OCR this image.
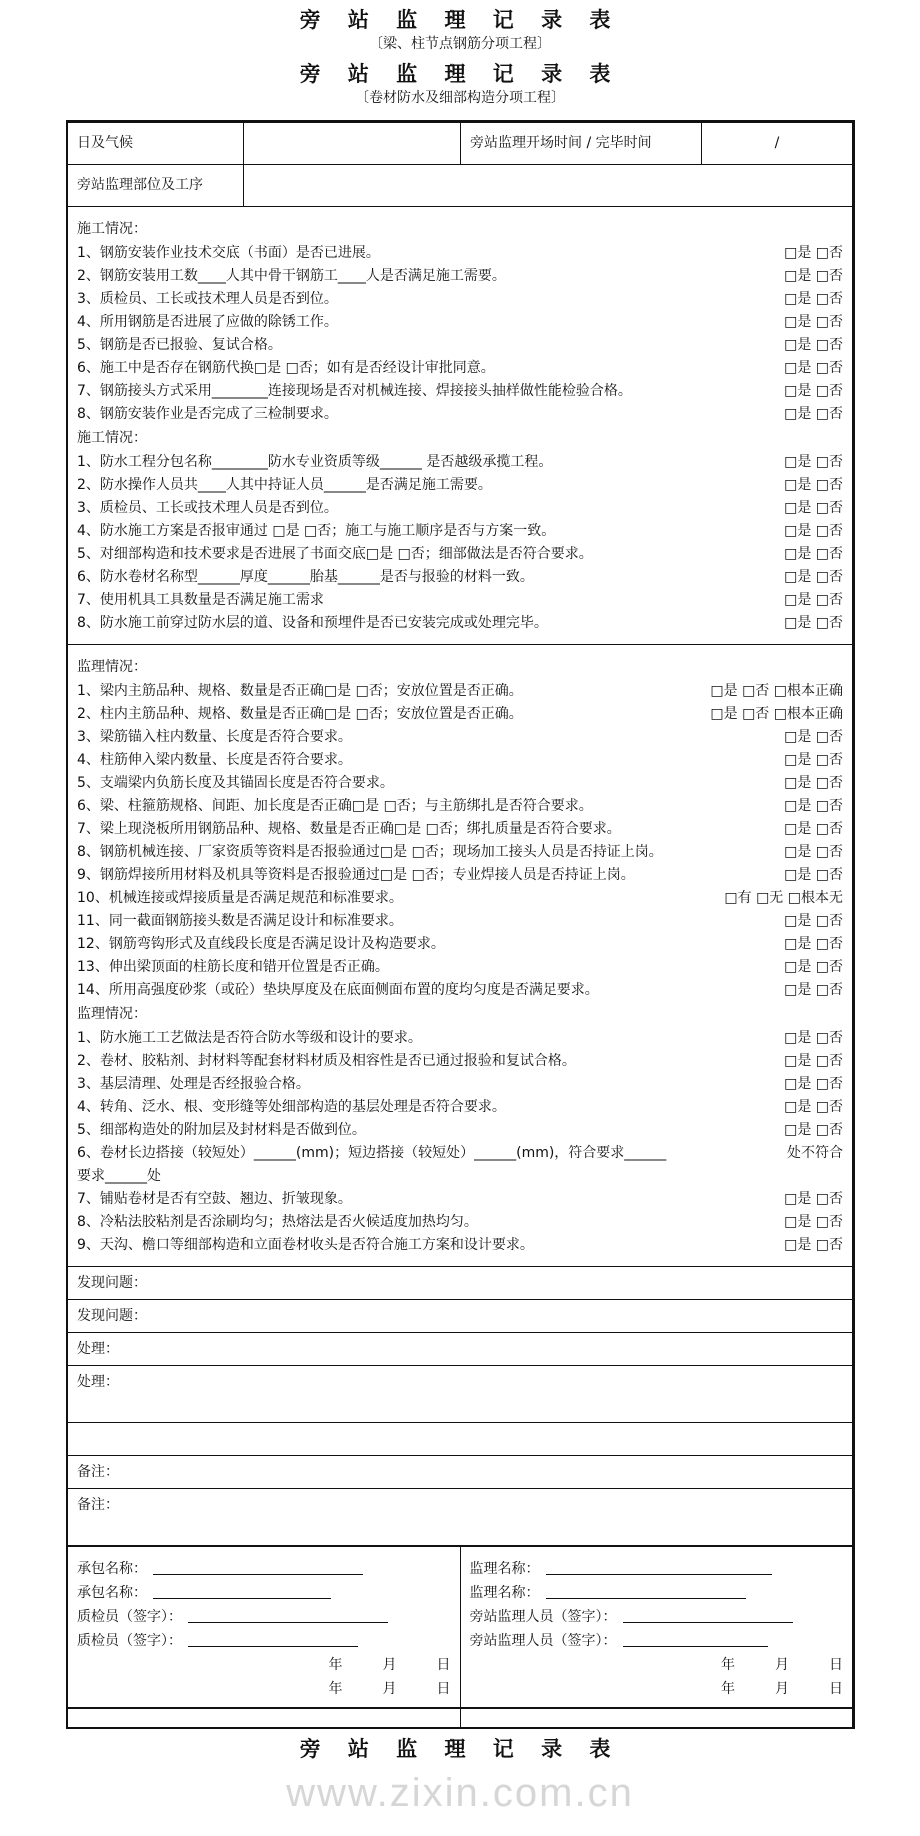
旁 站 监 理 记 录 表
〔梁、柱节点钢筋分项工程〕
旁 站 监 理 记 录 表
〔卷材防水及细部构造分项工程〕
日及气候	旁站监理开场时间 / 完毕时间	/
旁站监理部位及工序
施工情况：
1、钢筋安装作业技术交底（书面）是否已进展。	□是 □否
2、钢筋安装用工数____人其中骨干钢筋工____人是否满足施工需要。	□是 □否
3、质检员、工长或技术理人员是否到位。	□是 □否
4、所用钢筋是否进展了应做的除锈工作。	□是 □否
5、钢筋是否已报验、复试合格。	□是 □否
6、施工中是否存在钢筋代换□是 □否；如有是否经设计审批同意。	□是 □否
7、钢筋接头方式采用________连接现场是否对机械连接、焊接接头抽样做性能检验合格。	□是 □否
8、钢筋安装作业是否完成了三检制要求。	□是 □否
施工情况：
1、防水工程分包名称________防水专业资质等级______ 是否越级承揽工程。	□是 □否
2、防水操作人员共____人其中持证人员______是否满足施工需要。	□是 □否
3、质检员、工长或技术理人员是否到位。	□是 □否
4、防水施工方案是否报审通过 □是 □否；施工与施工顺序是否与方案一致。	□是 □否
5、对细部构造和技术要求是否进展了书面交底□是 □否；细部做法是否符合要求。	□是 □否
6、防水卷材名称型______厚度______胎基______是否与报验的材料一致。	□是 □否
7、使用机具工具数量是否满足施工需求	□是 □否
8、防水施工前穿过防水层的道、设备和预埋件是否已安装完成或处理完毕。	□是 □否
监理情况：
1、梁内主筋品种、规格、数量是否正确□是 □否；安放位置是否正确。	□是 □否 □根本正确
2、柱内主筋品种、规格、数量是否正确□是 □否；安放位置是否正确。	□是 □否 □根本正确
3、梁筋锚入柱内数量、长度是否符合要求。	□是 □否
4、柱筋伸入梁内数量、长度是否符合要求。	□是 □否
5、支端梁内负筋长度及其锚固长度是否符合要求。	□是 □否
6、梁、柱箍筋规格、间距、加长度是否正确□是 □否；与主筋绑扎是否符合要求。	□是 □否
7、梁上现浇板所用钢筋品种、规格、数量是否正确□是 □否；绑扎质量是否符合要求。	□是 □否
8、钢筋机械连接、厂家资质等资料是否报验通过□是 □否；现场加工接头人员是否持证上岗。	□是 □否
9、钢筋焊接所用材料及机具等资料是否报验通过□是 □否；专业焊接人员是否持证上岗。	□是 □否
10、机械连接或焊接质量是否满足规范和标准要求。	□有 □无 □根本无
11、同一截面钢筋接头数是否满足设计和标准要求。	□是 □否
12、钢筋弯钩形式及直线段长度是否满足设计及构造要求。	□是 □否
13、伸出梁顶面的柱筋长度和错开位置是否正确。	□是 □否
14、所用高强度砂浆（或砼）垫块厚度及在底面侧面布置的度均匀度是否满足要求。	□是 □否
监理情况：
1、防水施工工艺做法是否符合防水等级和设计的要求。	□是 □否
2、卷材、胶粘剂、封材料等配套材料材质及相容性是否已通过报验和复试合格。	□是 □否
3、基层清理、处理是否经报验合格。	□是 □否
4、转角、泛水、根、变形缝等处细部构造的基层处理是否符合要求。	□是 □否
5、细部构造处的附加层及封材料是否做到位。	□是 □否
6、卷材长边搭接（较短处）______(mm)；短边搭接（较短处）______(mm)，符合要求______	处不符合
要求______处
7、铺贴卷材是否有空鼓、翘边、折皱现象。	□是 □否
8、冷粘法胶粘剂是否涂刷均匀；热熔法是否火候适度加热均匀。	□是 □否
9、天沟、檐口等细部构造和立面卷材收头是否符合施工方案和设计要求。	□是 □否
发现问题：
发现问题：
处理：
处理：
备注：
备注：
承包名称：
承包名称：
质检员（签字）：
质检员（签字）：
年	月	日
年	月	日
监理名称：
监理名称：
旁站监理人员（签字）：
旁站监理人员（签字）：
年	月	日
年	月	日
旁 站 监 理 记 录 表
www.zixin.com.cn
